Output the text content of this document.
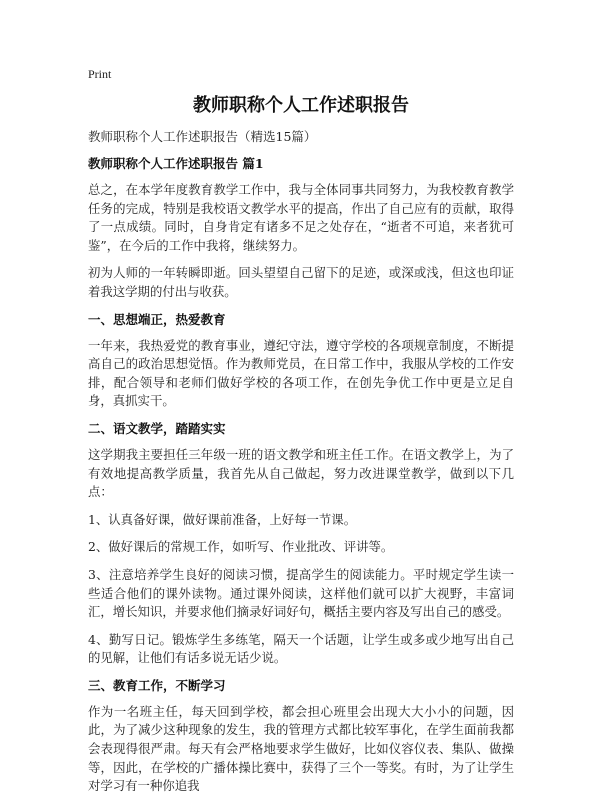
Print
教师职称个人工作述职报告
教师职称个人工作述职报告（精选15篇）
教师职称个人工作述职报告 篇1

总之，在本学年度教育教学工作中，我与全体同事共同努力，为我校教育教学任务的完成，特别是我校语文教学水平的提高，作出了自己应有的贡献，取得了一点成绩。同时，自身肯定有诸多不足之处存在，“逝者不可追，来者犹可鉴”，在今后的工作中我将，继续努力。

初为人师的一年转瞬即逝。回头望望自己留下的足迹，或深或浅，但这也印证着我这学期的付出与收获。

一、思想端正，热爱教育

一年来，我热爱党的教育事业，遵纪守法，遵守学校的各项规章制度，不断提高自己的政治思想觉悟。作为教师党员，在日常工作中，我服从学校的工作安排，配合领导和老师们做好学校的各项工作，在创先争优工作中更是立足自身，真抓实干。

二、语文教学，踏踏实实

这学期我主要担任三年级一班的语文教学和班主任工作。在语文教学上，为了有效地提高教学质量，我首先从自己做起，努力改进课堂教学，做到以下几点：

1、认真备好课，做好课前准备，上好每一节课。

2、做好课后的常规工作，如听写、作业批改、评讲等。

3、注意培养学生良好的阅读习惯，提高学生的阅读能力。平时规定学生读一些适合他们的课外读物。通过课外阅读，这样他们就可以扩大视野，丰富词汇，增长知识，并要求他们摘录好词好句，概括主要内容及写出自己的感受。

4、勤写日记。锻炼学生多练笔，隔天一个话题，让学生或多或少地写出自己的见解，让他们有话多说无话少说。

三、教育工作，不断学习

作为一名班主任，每天回到学校，都会担心班里会出现大大小小的问题，因此，为了减少这种现象的发生，我的管理方式都比较军事化，在学生面前我都会表现得很严肃。每天有会严格地要求学生做好，比如仪容仪表、集队、做操等，因此，在学校的广播体操比赛中，获得了三个一等奖。有时，为了让学生对学习有一种你追我
